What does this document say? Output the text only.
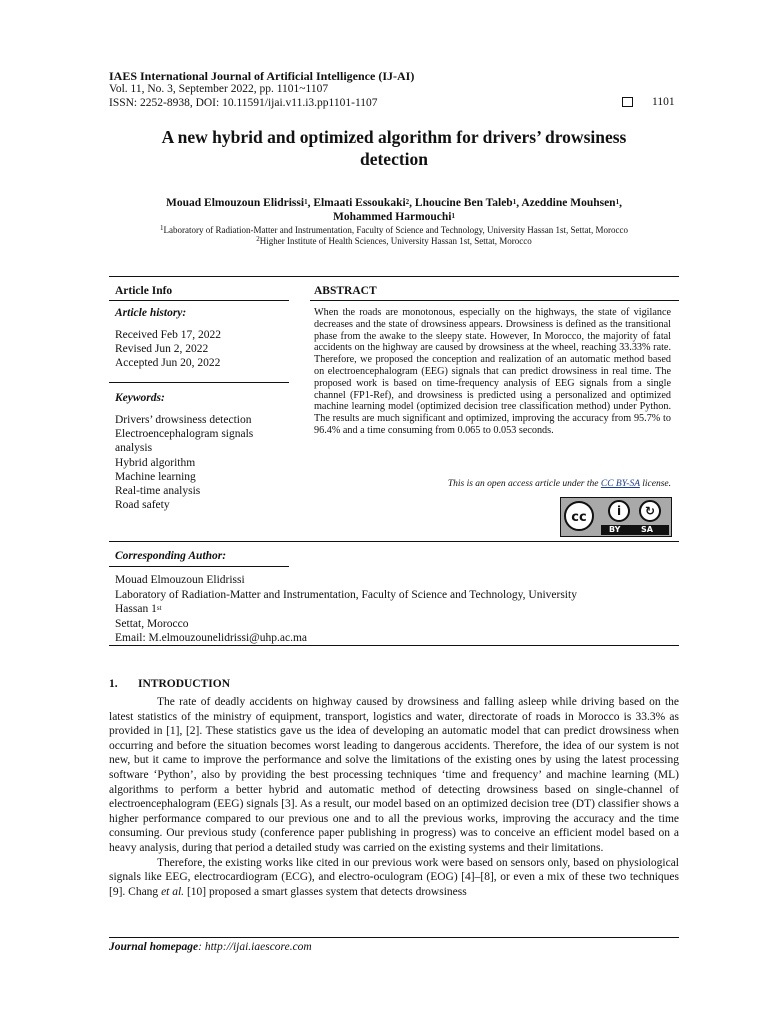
IAES International Journal of Artificial Intelligence (IJ-AI)
Vol. 11, No. 3, September 2022, pp. 1101~1107
ISSN: 2252-8938, DOI: 10.11591/ijai.v11.i3.pp1101-1107	1101
A new hybrid and optimized algorithm for drivers’ drowsiness
detection
Mouad Elmouzoun Elidrissi$^1$, Elmaati Essoukaki$^2$, Lhoucine Ben Taleb$^1$, Azeddine Mouhsen$^1$,
Mohammed Harmouchi$^1$
$^1$Laboratory of Radiation-Matter and Instrumentation, Faculty of Science and Technology, University Hassan 1st, Settat, Morocco
$^2$Higher Institute of Health Sciences, University Hassan 1st, Settat, Morocco
Article Info
Article history:
Received Feb 17, 2022
Revised Jun 2, 2022
Accepted Jun 20, 2022
Keywords:
Drivers’ drowsiness detection
Electroencephalogram signals
analysis
Hybrid algorithm
Machine learning
Real-time analysis
Road safety
ABSTRACT
When the roads are monotonous, especially on the highways, the state of vigilance decreases and the state of drowsiness appears. Drowsiness is defined as the transitional phase from the awake to the sleepy state. However, In Morocco, the majority of fatal accidents on the highway are caused by drowsiness at the wheel, reaching 33.33% rate. Therefore, we proposed the conception and realization of an automatic method based on electroencephalogram (EEG) signals that can predict drowsiness in real time. The proposed work is based on time-frequency analysis of EEG signals from a single channel (FP1-Ref), and drowsiness is predicted using a personalized and optimized machine learning model (optimized decision tree classification method) under Python. The results are much significant and optimized, improving the accuracy from 95.7% to 96.4% and a time consuming from 0.065 to 0.053 seconds.
This is an open access article under the CC BY-SA license.
cc	i	↻
BY	SA
Corresponding Author:
Mouad Elmouzoun Elidrissi
Laboratory of Radiation-Matter and Instrumentation, Faculty of Science and Technology, University
Hassan 1st
Settat, Morocco
Email: M.elmouzounelidrissi@uhp.ac.ma
1. INTRODUCTION

The rate of deadly accidents on highway caused by drowsiness and falling asleep while driving based on the latest statistics of the ministry of equipment, transport, logistics and water, directorate of roads in Morocco is 33.3% as provided in [1], [2]. These statistics gave us the idea of developing an automatic model that can predict drowsiness when occurring and before the situation becomes worst leading to dangerous accidents. Therefore, the idea of our system is not new, but it came to improve the performance and solve the limitations of the existing ones by using the latest processing software ‘Python’, also by providing the best processing techniques ‘time and frequency’ and machine learning (ML) algorithms to perform a better hybrid and automatic method of detecting drowsiness based on single-channel of electroencephalogram (EEG) signals [3]. As a result, our model based on an optimized decision tree (DT) classifier shows a higher performance compared to our previous one and to all the previous works, improving the accuracy and the time consuming. Our previous study (conference paper publishing in progress) was to conceive an efficient model based on a heavy analysis, during that period a detailed study was carried on the existing systems and their limitations.

Therefore, the existing works like cited in our previous work were based on sensors only, based on physiological signals like EEG, electrocardiogram (ECG), and electro-oculogram (EOG) [4]–[8], or even a mix of these two techniques [9]. Chang et al. [10] proposed a smart glasses system that detects drowsiness

Journal homepage: http://ijai.iaescore.com
